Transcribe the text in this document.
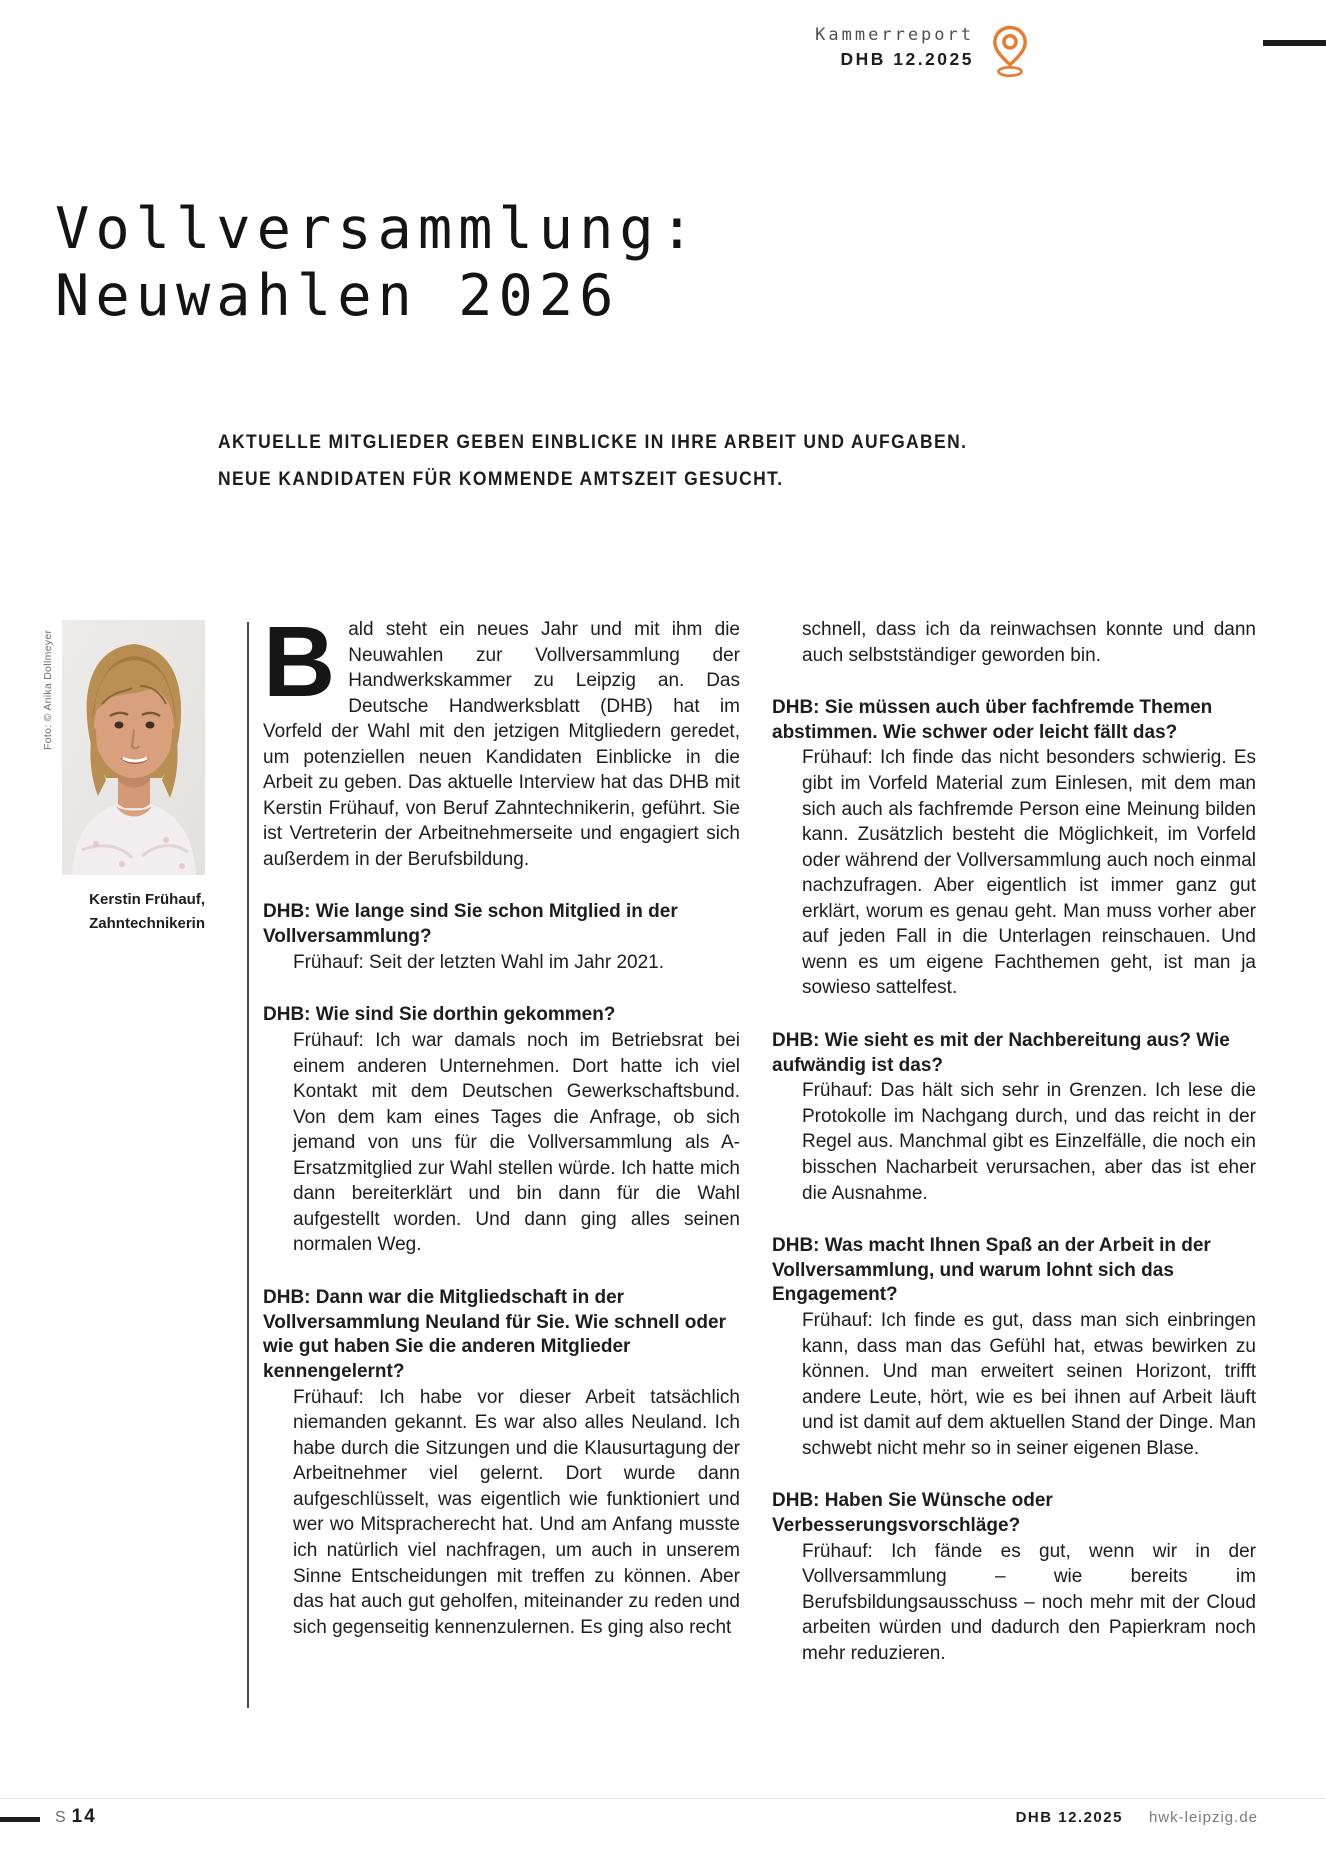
Kammerreport
DHB 12.2025
Vollversammlung:
Neuwahlen 2026
AKTUELLE MITGLIEDER GEBEN EINBLICKE IN IHRE ARBEIT UND AUFGABEN.
NEUE KANDIDATEN FÜR KOMMENDE AMTSZEIT GESUCHT.
Foto: © Anika Dollmeyer
Kerstin Frühauf,
Zahntechnikerin

Bald steht ein neues Jahr und mit ihm die Neuwahlen zur Vollversammlung der Handwerkskammer zu Leipzig an. Das Deutsche Handwerksblatt (DHB) hat im Vorfeld der Wahl mit den jetzigen Mitgliedern geredet, um potenziellen neuen Kandidaten Einblicke in die Arbeit zu geben. Das aktuelle Interview hat das DHB mit Kerstin Frühauf, von Beruf Zahntechnikerin, geführt. Sie ist Vertreterin der Arbeitnehmerseite und engagiert sich außerdem in der Berufsbildung.

DHB: Wie lange sind Sie schon Mitglied in der Vollversammlung?

Frühauf: Seit der letzten Wahl im Jahr 2021.

DHB: Wie sind Sie dorthin gekommen?

Frühauf: Ich war damals noch im Betriebsrat bei einem anderen Unternehmen. Dort hatte ich viel Kontakt mit dem Deutschen Gewerkschaftsbund. Von dem kam eines Tages die Anfrage, ob sich jemand von uns für die Vollversammlung als A-Ersatzmitglied zur Wahl stellen würde. Ich hatte mich dann bereiterklärt und bin dann für die Wahl aufgestellt worden. Und dann ging alles seinen normalen Weg.

DHB: Dann war die Mitgliedschaft in der Vollversammlung Neuland für Sie. Wie schnell oder wie gut haben Sie die anderen Mitglieder kennengelernt?

Frühauf: Ich habe vor dieser Arbeit tatsächlich niemanden gekannt. Es war also alles Neuland. Ich habe durch die Sitzungen und die Klausurtagung der Arbeitnehmer viel gelernt. Dort wurde dann aufgeschlüsselt, was eigentlich wie funktioniert und wer wo Mitspracherecht hat. Und am Anfang musste ich natürlich viel nachfragen, um auch in unserem Sinne Entscheidungen mit treffen zu können. Aber das hat auch gut geholfen, miteinander zu reden und sich gegenseitig kennenzulernen. Es ging also recht

schnell, dass ich da reinwachsen konnte und dann auch selbstständiger geworden bin.

DHB: Sie müssen auch über fachfremde Themen abstimmen. Wie schwer oder leicht fällt das?

Frühauf: Ich finde das nicht besonders schwierig. Es gibt im Vorfeld Material zum Einlesen, mit dem man sich auch als fachfremde Person eine Meinung bilden kann. Zusätzlich besteht die Möglichkeit, im Vorfeld oder während der Vollversammlung auch noch einmal nachzufragen. Aber eigentlich ist immer ganz gut erklärt, worum es genau geht. Man muss vorher aber auf jeden Fall in die Unterlagen reinschauen. Und wenn es um eigene Fachthemen geht, ist man ja sowieso sattelfest.

DHB: Wie sieht es mit der Nachbereitung aus? Wie aufwändig ist das?

Frühauf: Das hält sich sehr in Grenzen. Ich lese die Protokolle im Nachgang durch, und das reicht in der Regel aus. Manchmal gibt es Einzelfälle, die noch ein bisschen Nacharbeit verursachen, aber das ist eher die Ausnahme.

DHB: Was macht Ihnen Spaß an der Arbeit in der Vollversammlung, und warum lohnt sich das Engagement?

Frühauf: Ich finde es gut, dass man sich einbringen kann, dass man das Gefühl hat, etwas bewirken zu können. Und man erweitert seinen Horizont, trifft andere Leute, hört, wie es bei ihnen auf Arbeit läuft und ist damit auf dem aktuellen Stand der Dinge. Man schwebt nicht mehr so in seiner eigenen Blase.

DHB: Haben Sie Wünsche oder Verbesserungsvorschläge?

Frühauf: Ich fände es gut, wenn wir in der Vollversammlung – wie bereits im Berufsbildungsausschuss – noch mehr mit der Cloud arbeiten würden und dadurch den Papierkram noch mehr reduzieren.

S 14	DHB 12.2025 hwk-leipzig.de
